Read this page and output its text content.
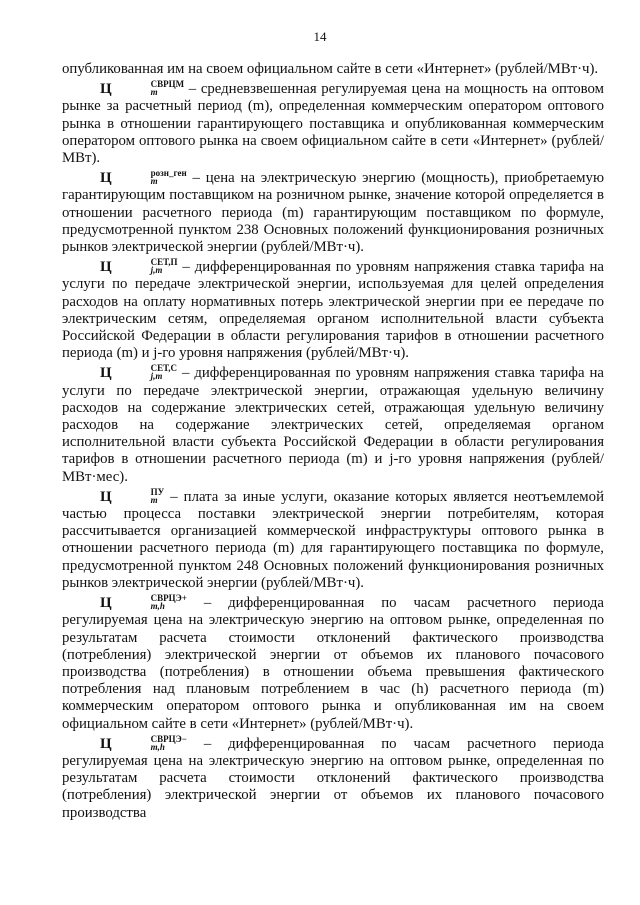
14

опубликованная им на своем официальном сайте в сети «Интернет» (рублей/МВт·ч).

Ц	СВРЦМ
m	– средневзвешенная регулируемая цена на мощность на оптовом рынке за расчетный период (m), определенная коммерческим оператором оптового рынка в отношении гарантирующего поставщика и опубликованная коммерческим оператором оптового рынка на своем официальном сайте в сети «Интернет» (рублей/МВт).

Ц	розн_ген
m	– цена на электрическую энергию (мощность), приобретаемую гарантирующим поставщиком на розничном рынке, значение которой определяется в отношении расчетного периода (m) гарантирующим поставщиком по формуле, предусмотренной пунктом 238 Основных положений функционирования розничных рынков электрической энергии (рублей/МВт·ч).

Ц	СЕТ,П
j,m	– дифференцированная по уровням напряжения ставка тарифа на услуги по передаче электрической энергии, используемая для целей определения расходов на оплату нормативных потерь электрической энергии при ее передаче по электрическим сетям, определяемая органом исполнительной власти субъекта Российской Федерации в области регулирования тарифов в отношении расчетного периода (m) и j-го уровня напряжения (рублей/МВт·ч).

Ц	СЕТ,С
j,m – дифференцированная по уровням напряжения ставка тарифа на услуги по передаче электрической энергии, отражающая удельную величину расходов на содержание электрических сетей, отражающая удельную величину расходов на содержание электрических сетей, определяемая органом исполнительной власти субъекта Российской Федерации в области регулирования тарифов в отношении расчетного периода (m) и j-го уровня напряжения (рублей/МВт·мес).

Ц	ПУ
m – плата за иные услуги, оказание которых является неотъемлемой частью процесса поставки электрической энергии потребителям, которая рассчитывается организацией коммерческой инфраструктуры оптового рынка в отношении расчетного периода (m) для гарантирующего поставщика по формуле, предусмотренной пунктом 248 Основных положений функционирования розничных рынков электрической энергии (рублей/МВт·ч).

Ц	СВРЦЭ+
m,h	– дифференцированная по часам расчетного периода регулируемая цена на электрическую энергию на оптовом рынке, определенная по результатам расчета стоимости отклонений фактического производства (потребления) электрической энергии от объемов их планового почасового производства (потребления) в отношении объема превышения фактического потребления над плановым потреблением в час (h) расчетного периода (m) коммерческим оператором оптового рынка и опубликованная им на своем официальном сайте в сети «Интернет» (рублей/МВт·ч).

Ц	СВРЦЭ−
m,h	– дифференцированная по часам расчетного периода регулируемая цена на электрическую энергию на оптовом рынке, определенная по результатам расчета стоимости отклонений фактического производства (потребления) электрической энергии от объемов их планового почасового производства
